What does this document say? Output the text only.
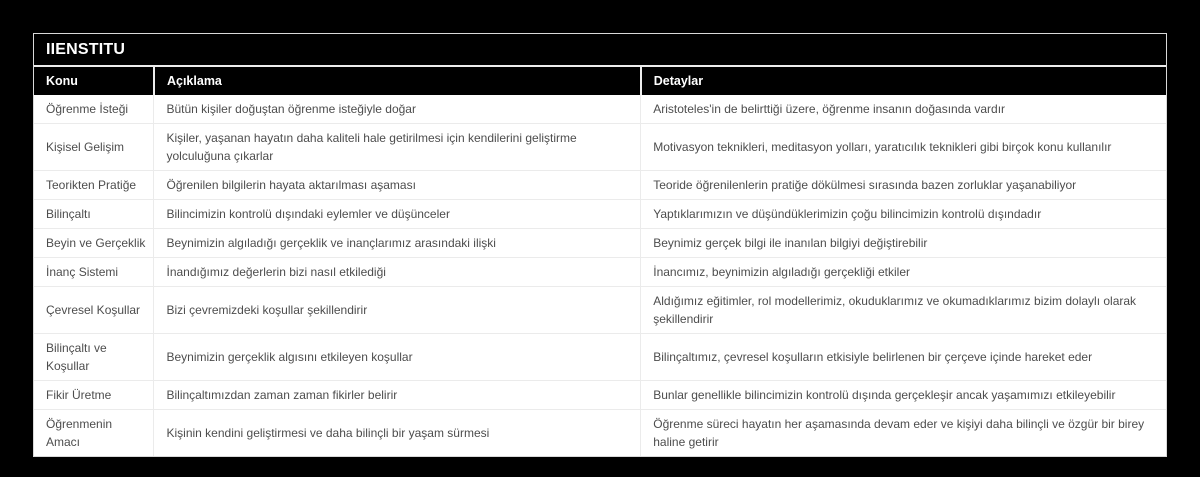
IIENSTITU
Konu	Açıklama	Detaylar
Öğrenme İsteği	Bütün kişiler doğuştan öğrenme isteğiyle doğar	Aristoteles'in de belirttiği üzere, öğrenme insanın doğasında vardır
Kişisel Gelişim	Kişiler, yaşanan hayatın daha kaliteli hale getirilmesi için kendilerini geliştirme yolculuğuna çıkarlar	Motivasyon teknikleri, meditasyon yolları, yaratıcılık teknikleri gibi birçok konu kullanılır
Teorikten Pratiğe	Öğrenilen bilgilerin hayata aktarılması aşaması	Teoride öğrenilenlerin pratiğe dökülmesi sırasında bazen zorluklar yaşanabiliyor
Bilinçaltı	Bilincimizin kontrolü dışındaki eylemler ve düşünceler	Yaptıklarımızın ve düşündüklerimizin çoğu bilincimizin kontrolü dışındadır
Beyin ve Gerçeklik	Beynimizin algıladığı gerçeklik ve inançlarımız arasındaki ilişki	Beynimiz gerçek bilgi ile inanılan bilgiyi değiştirebilir
İnanç Sistemi	İnandığımız değerlerin bizi nasıl etkilediği	İnancımız, beynimizin algıladığı gerçekliği etkiler
Çevresel Koşullar	Bizi çevremizdeki koşullar şekillendirir	Aldığımız eğitimler, rol modellerimiz, okuduklarımız ve okumadıklarımız bizim dolaylı olarak şekillendirir
Bilinçaltı ve Koşullar	Beynimizin gerçeklik algısını etkileyen koşullar	Bilinçaltımız, çevresel koşulların etkisiyle belirlenen bir çerçeve içinde hareket eder
Fikir Üretme	Bilinçaltımızdan zaman zaman fikirler belirir	Bunlar genellikle bilincimizin kontrolü dışında gerçekleşir ancak yaşamımızı etkileyebilir
Öğrenmenin Amacı	Kişinin kendini geliştirmesi ve daha bilinçli bir yaşam sürmesi	Öğrenme süreci hayatın her aşamasında devam eder ve kişiyi daha bilinçli ve özgür bir birey haline getirir
